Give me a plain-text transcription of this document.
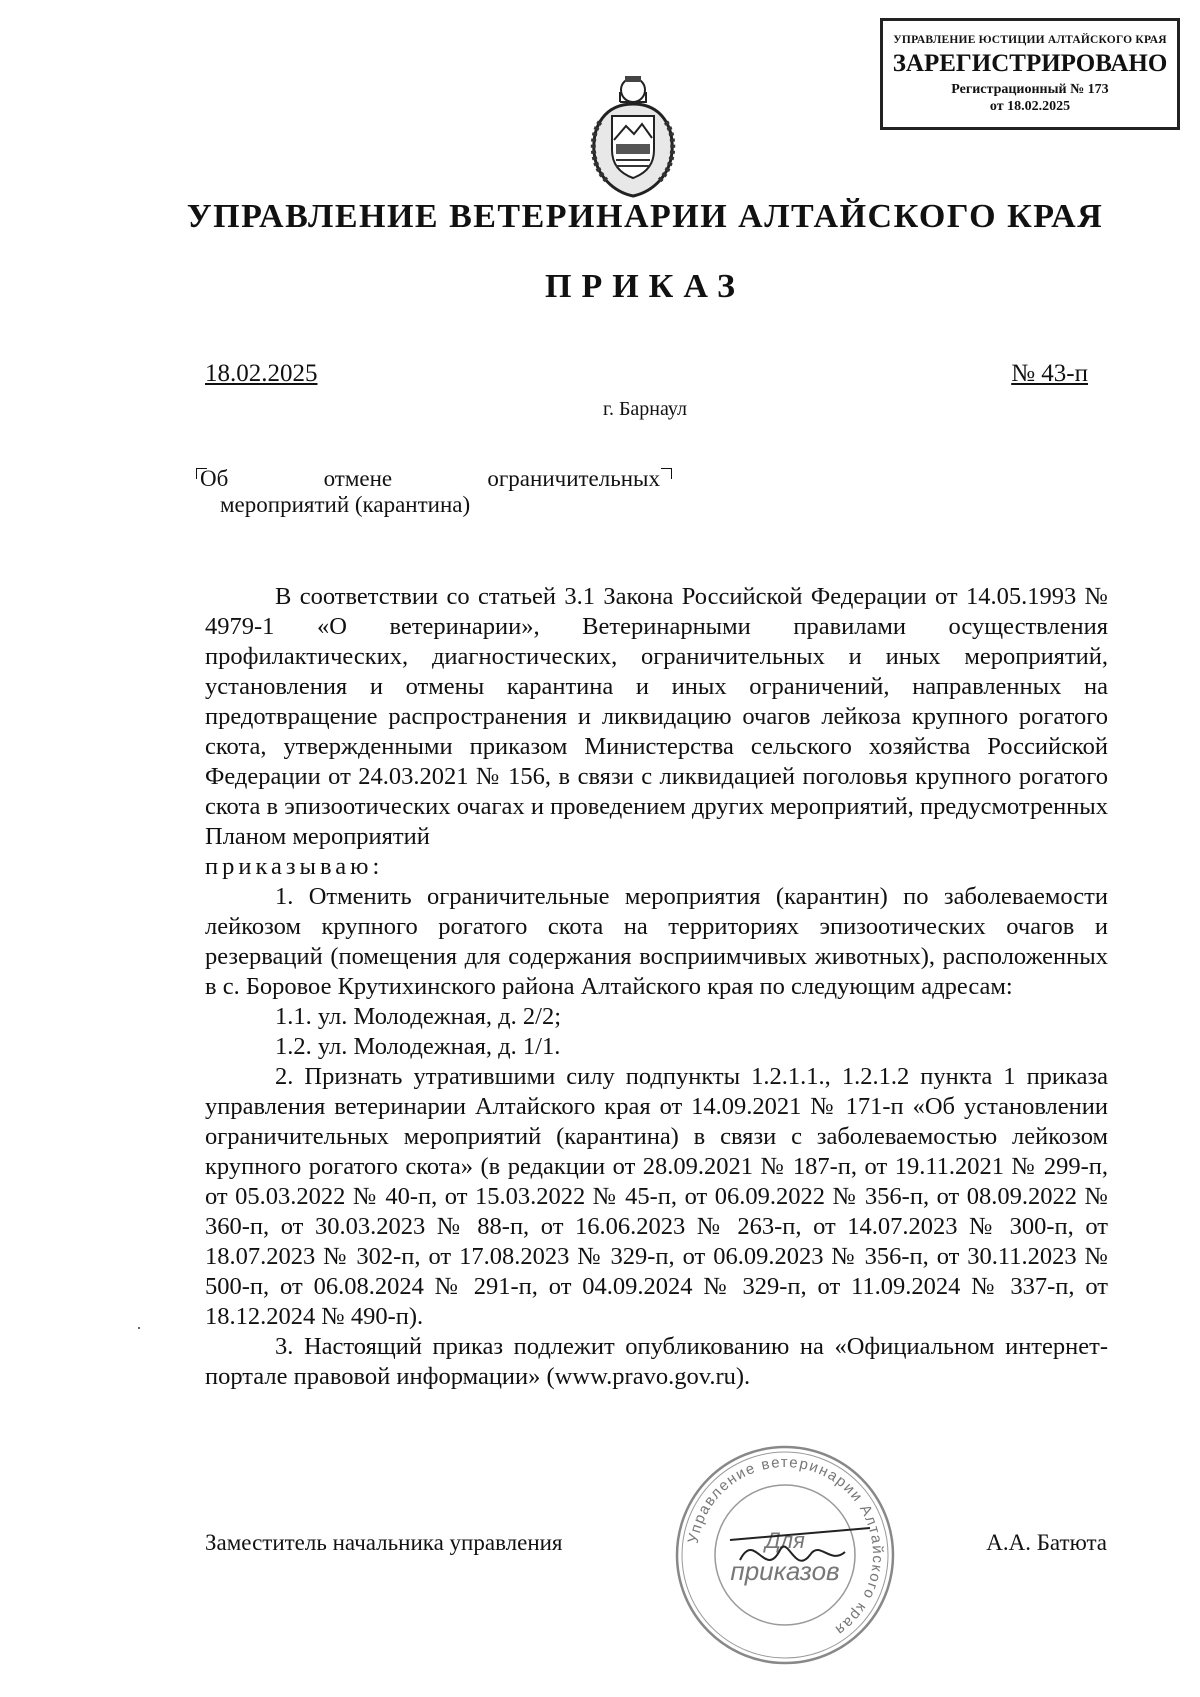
УПРАВЛЕНИЕ ЮСТИЦИИ АЛТАЙСКОГО КРАЯ
ЗАРЕГИСТРИРОВАНО
Регистрационный № 173
от 18.02.2025
УПРАВЛЕНИЕ ВЕТЕРИНАРИИ АЛТАЙСКОГО КРАЯ
ПРИКАЗ
18.02.2025	№ 43-п
г. Барнаул
Об	отмене	ограничительных
мероприятий (карантина)

В соответствии со статьей 3.1 Закона Российской Федерации от 14.05.1993 № 4979-1 «О ветеринарии», Ветеринарными правилами осуществления профилактических, диагностических, ограничительных и иных мероприятий, установления и отмены карантина и иных ограничений, направленных на предотвращение распространения и ликвидацию очагов лейкоза крупного рогатого скота, утвержденными приказом Министерства сельского хозяйства Российской Федерации от 24.03.2021 № 156, в связи с ликвидацией поголовья крупного рогатого скота в эпизоотических очагах и проведением других мероприятий, предусмотренных Планом мероприятий

приказываю:

1. Отменить ограничительные мероприятия (карантин) по заболеваемости лейкозом крупного рогатого скота на территориях эпизоотических очагов и резерваций (помещения для содержания восприимчивых животных), расположенных в с. Боровое Крутихинского района Алтайского края по следующим адресам:

1.1. ул. Молодежная, д. 2/2;

1.2. ул. Молодежная, д. 1/1.

2. Признать утратившими силу подпункты 1.2.1.1., 1.2.1.2 пункта 1 приказа управления ветеринарии Алтайского края от 14.09.2021 № 171-п «Об установлении ограничительных мероприятий (карантина) в связи с заболеваемостью лейкозом крупного рогатого скота» (в редакции от 28.09.2021 № 187-п, от 19.11.2021 № 299-п, от 05.03.2022 № 40-п, от 15.03.2022 № 45-п, от 06.09.2022 № 356-п, от 08.09.2022 № 360-п, от 30.03.2023 № 88-п, от 16.06.2023 № 263-п, от 14.07.2023 № 300-п, от 18.07.2023 № 302-п, от 17.08.2023 № 329-п, от 06.09.2023 № 356-п, от 30.11.2023 № 500-п, от 06.08.2024 № 291-п, от 04.09.2024 № 329-п, от 11.09.2024 № 337-п, от 18.12.2024 № 490-п).

3. Настоящий приказ подлежит опубликованию на «Официальном интернет-портале правовой информации» (www.pravo.gov.ru).

Заместитель начальника управления	А.А. Батюта
Управление ветеринарии Алтайского края
Для
приказов
